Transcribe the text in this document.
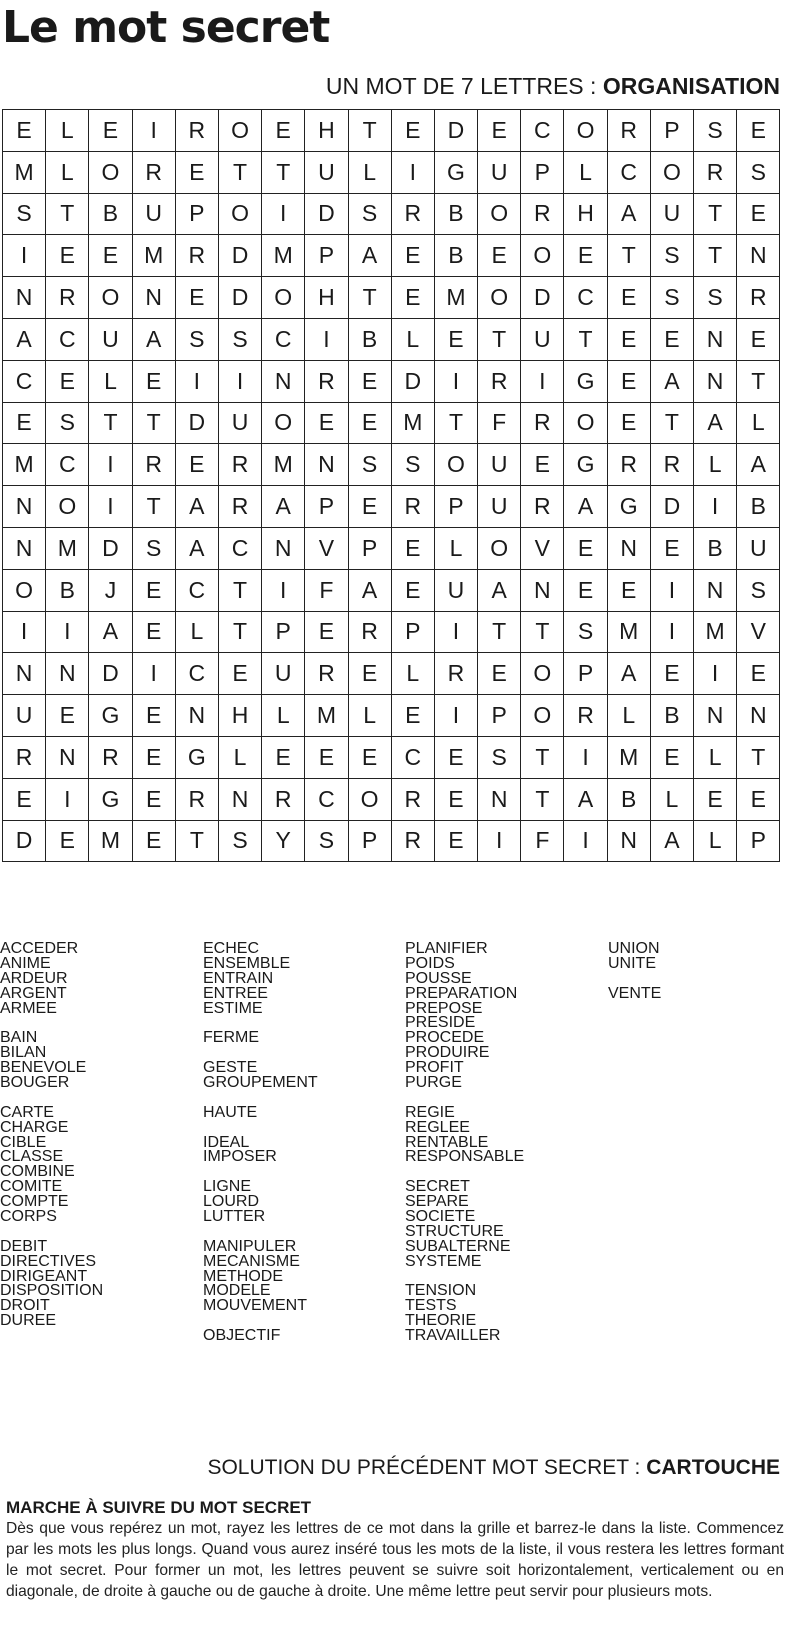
Le mot secret
UN MOT DE 7 LETTRES : ORGANISATION
E	L	E	I	R	O	E	H	T	E	D	E	C	O	R	P	S	E
M	L	O	R	E	T	T	U	L	I	G	U	P	L	C	O	R	S
S	T	B	U	P	O	I	D	S	R	B	O	R	H	A	U	T	E
I	E	E	M	R	D	M	P	A	E	B	E	O	E	T	S	T	N
N	R	O	N	E	D	O	H	T	E	M	O	D	C	E	S	S	R
A	C	U	A	S	S	C	I	B	L	E	T	U	T	E	E	N	E
C	E	L	E	I	I	N	R	E	D	I	R	I	G	E	A	N	T
E	S	T	T	D	U	O	E	E	M	T	F	R	O	E	T	A	L
M	C	I	R	E	R	M	N	S	S	O	U	E	G	R	R	L	A
N	O	I	T	A	R	A	P	E	R	P	U	R	A	G	D	I	B
N	M	D	S	A	C	N	V	P	E	L	O	V	E	N	E	B	U
O	B	J	E	C	T	I	F	A	E	U	A	N	E	E	I	N	S
I	I	A	E	L	T	P	E	R	P	I	T	T	S	M	I	M	V
N	N	D	I	C	E	U	R	E	L	R	E	O	P	A	E	I	E
U	E	G	E	N	H	L	M	L	E	I	P	O	R	L	B	N	N
R	N	R	E	G	L	E	E	E	C	E	S	T	I	M	E	L	T
E	I	G	E	R	N	R	C	O	R	E	N	T	A	B	L	E	E
D	E	M	E	T	S	Y	S	P	R	E	I	F	I	N	A	L	P
ACCEDER
ANIME
ARDEUR
ARGENT
ARMEE
BAIN
BILAN
BENEVOLE
BOUGER
CARTE
CHARGE
CIBLE
CLASSE
COMBINE
COMITE
COMPTE
CORPS
DEBIT
DIRECTIVES
DIRIGEANT
DISPOSITION
DROIT
DUREE
ECHEC
ENSEMBLE
ENTRAIN
ENTREE
ESTIME
FERME
GESTE
GROUPEMENT
HAUTE
IDEAL
IMPOSER
LIGNE
LOURD
LUTTER
MANIPULER
MECANISME
METHODE
MODELE
MOUVEMENT
OBJECTIF
PLANIFIER
POIDS
POUSSE
PREPARATION
PREPOSE
PRESIDE
PROCEDE
PRODUIRE
PROFIT
PURGE
REGIE
REGLEE
RENTABLE
RESPONSABLE
SECRET
SEPARE
SOCIETE
STRUCTURE
SUBALTERNE
SYSTEME
TENSION
TESTS
THEORIE
TRAVAILLER
UNION
UNITE
VENTE
SOLUTION DU PRÉCÉDENT MOT SECRET : CARTOUCHE
MARCHE À SUIVRE DU MOT SECRET
Dès que vous repérez un mot, rayez les lettres de ce mot dans la grille et barrez-le dans la liste. Commencez par les mots les plus longs. Quand vous aurez inséré tous les mots de la liste, il vous restera les lettres formant le mot secret. Pour former un mot, les lettres peuvent se suivre soit horizontalement, verticalement ou en diagonale, de droite à gauche ou de gauche à droite. Une même lettre peut servir pour plusieurs mots.
